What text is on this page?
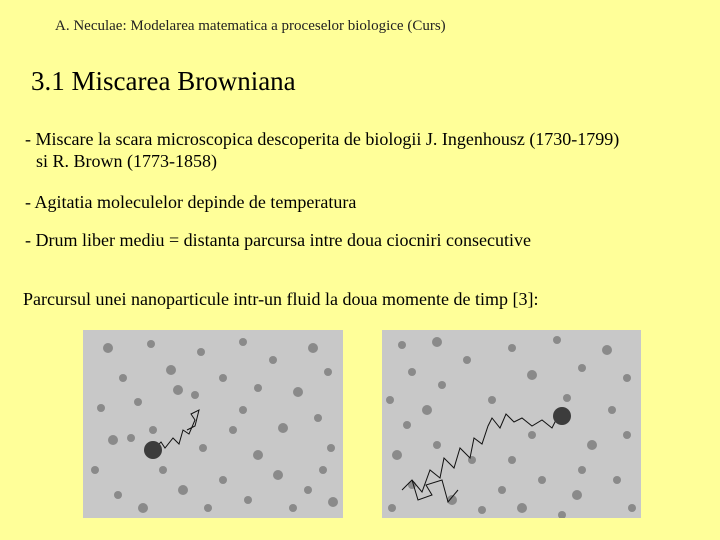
A. Neculae: Modelarea matematica a proceselor biologice (Curs)
3.1 Miscarea Browniana
- Miscare la scara microscopica descoperita de biologii J. Ingenhousz (1730-1799)
si R. Brown (1773-1858)
- Agitatia moleculelor depinde de temperatura
- Drum liber mediu = distanta parcursa intre doua ciocniri consecutive
Parcursul unei nanoparticule intr-un fluid la doua momente de timp [3]:
